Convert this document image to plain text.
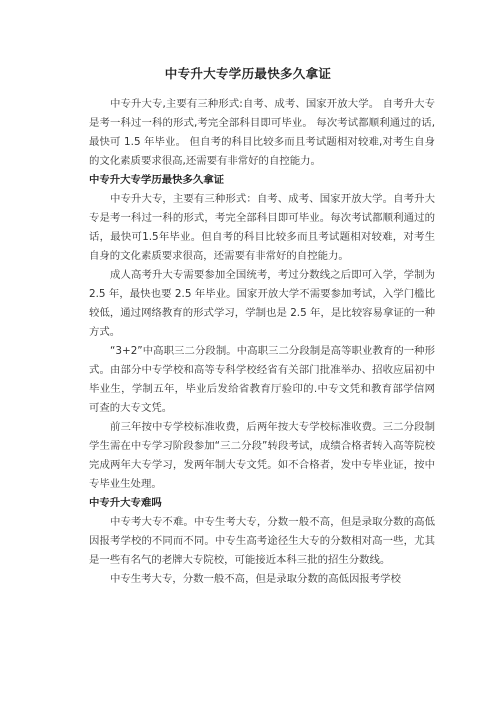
中专升大专学历最快多久拿证

中专升大专,主要有三种形式:自考、成考、国家开放大学。 自考升大专是考一科过一科的形式,考完全部科目即可毕业。 每次考试都顺利通过的话,最快可 1.5 年毕业。 但自考的科目比较多而且考试题相对较难,对考生自身的文化素质要求很高,还需要有非常好的自控能力。

中专升大专学历最快多久拿证

中专升大专，主要有三种形式：自考、成考、国家开放大学。自考升大专是考一科过一科的形式，考完全部科目即可毕业。每次考试都顺利通过的话，最快可1.5年毕业。但自考的科目比较多而且考试题相对较难，对考生自身的文化素质要求很高，还需要有非常好的自控能力。

成人高考升大专需要参加全国统考，考过分数线之后即可入学，学制为 2.5 年，最快也要 2.5 年毕业。国家开放大学不需要参加考试，入学门槛比较低，通过网络教育的形式学习，学制也是 2.5 年，是比较容易拿证的一种方式。

“3+2”中高职三二分段制。中高职三二分段制是高等职业教育的一种形式。由部分中专学校和高等专科学校经省有关部门批准举办、招收应届初中毕业生，学制五年，毕业后发给省教育厅验印的.中专文凭和教育部学信网可查的大专文凭。

前三年按中专学校标准收费，后两年按大专学校标准收费。三二分段制学生需在中专学习阶段参加“三二分段”转段考试，成绩合格者转入高等院校完成两年大专学习，发两年制大专文凭。如不合格者，发中专毕业证，按中专毕业生处理。

中专升大专难吗

中专考大专不难。中专生考大专，分数一般不高，但是录取分数的高低因报考学校的不同而不同。中专生高考途径生大专的分数相对高一些，尤其是一些有名气的老牌大专院校，可能接近本科三批的招生分数线。

中专生考大专，分数一般不高，但是录取分数的高低因报考学校
